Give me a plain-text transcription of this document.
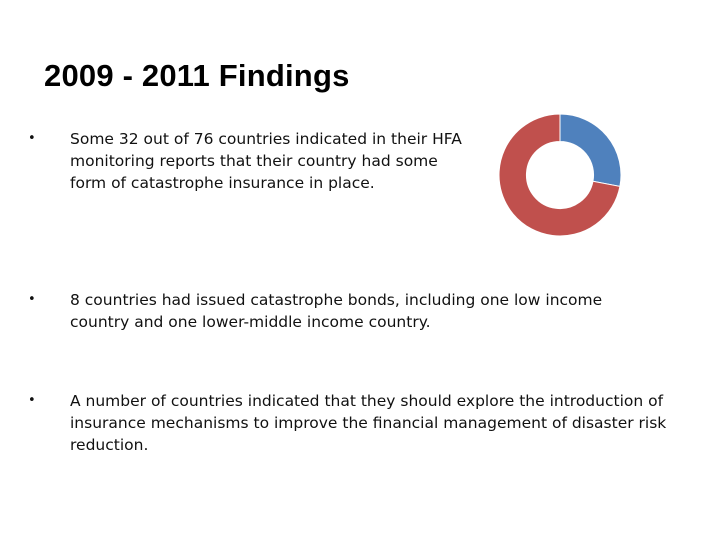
2009 - 2011 Findings
•	Some 32 out of 76 countries indicated in their HFA monitoring reports that their country had some form of catastrophe insurance in place.
•	8 countries had issued catastrophe bonds, including one low income country and one lower-middle income country.
•	A number of countries indicated that they should explore the introduction of insurance mechanisms to improve the financial management of disaster risk reduction.
